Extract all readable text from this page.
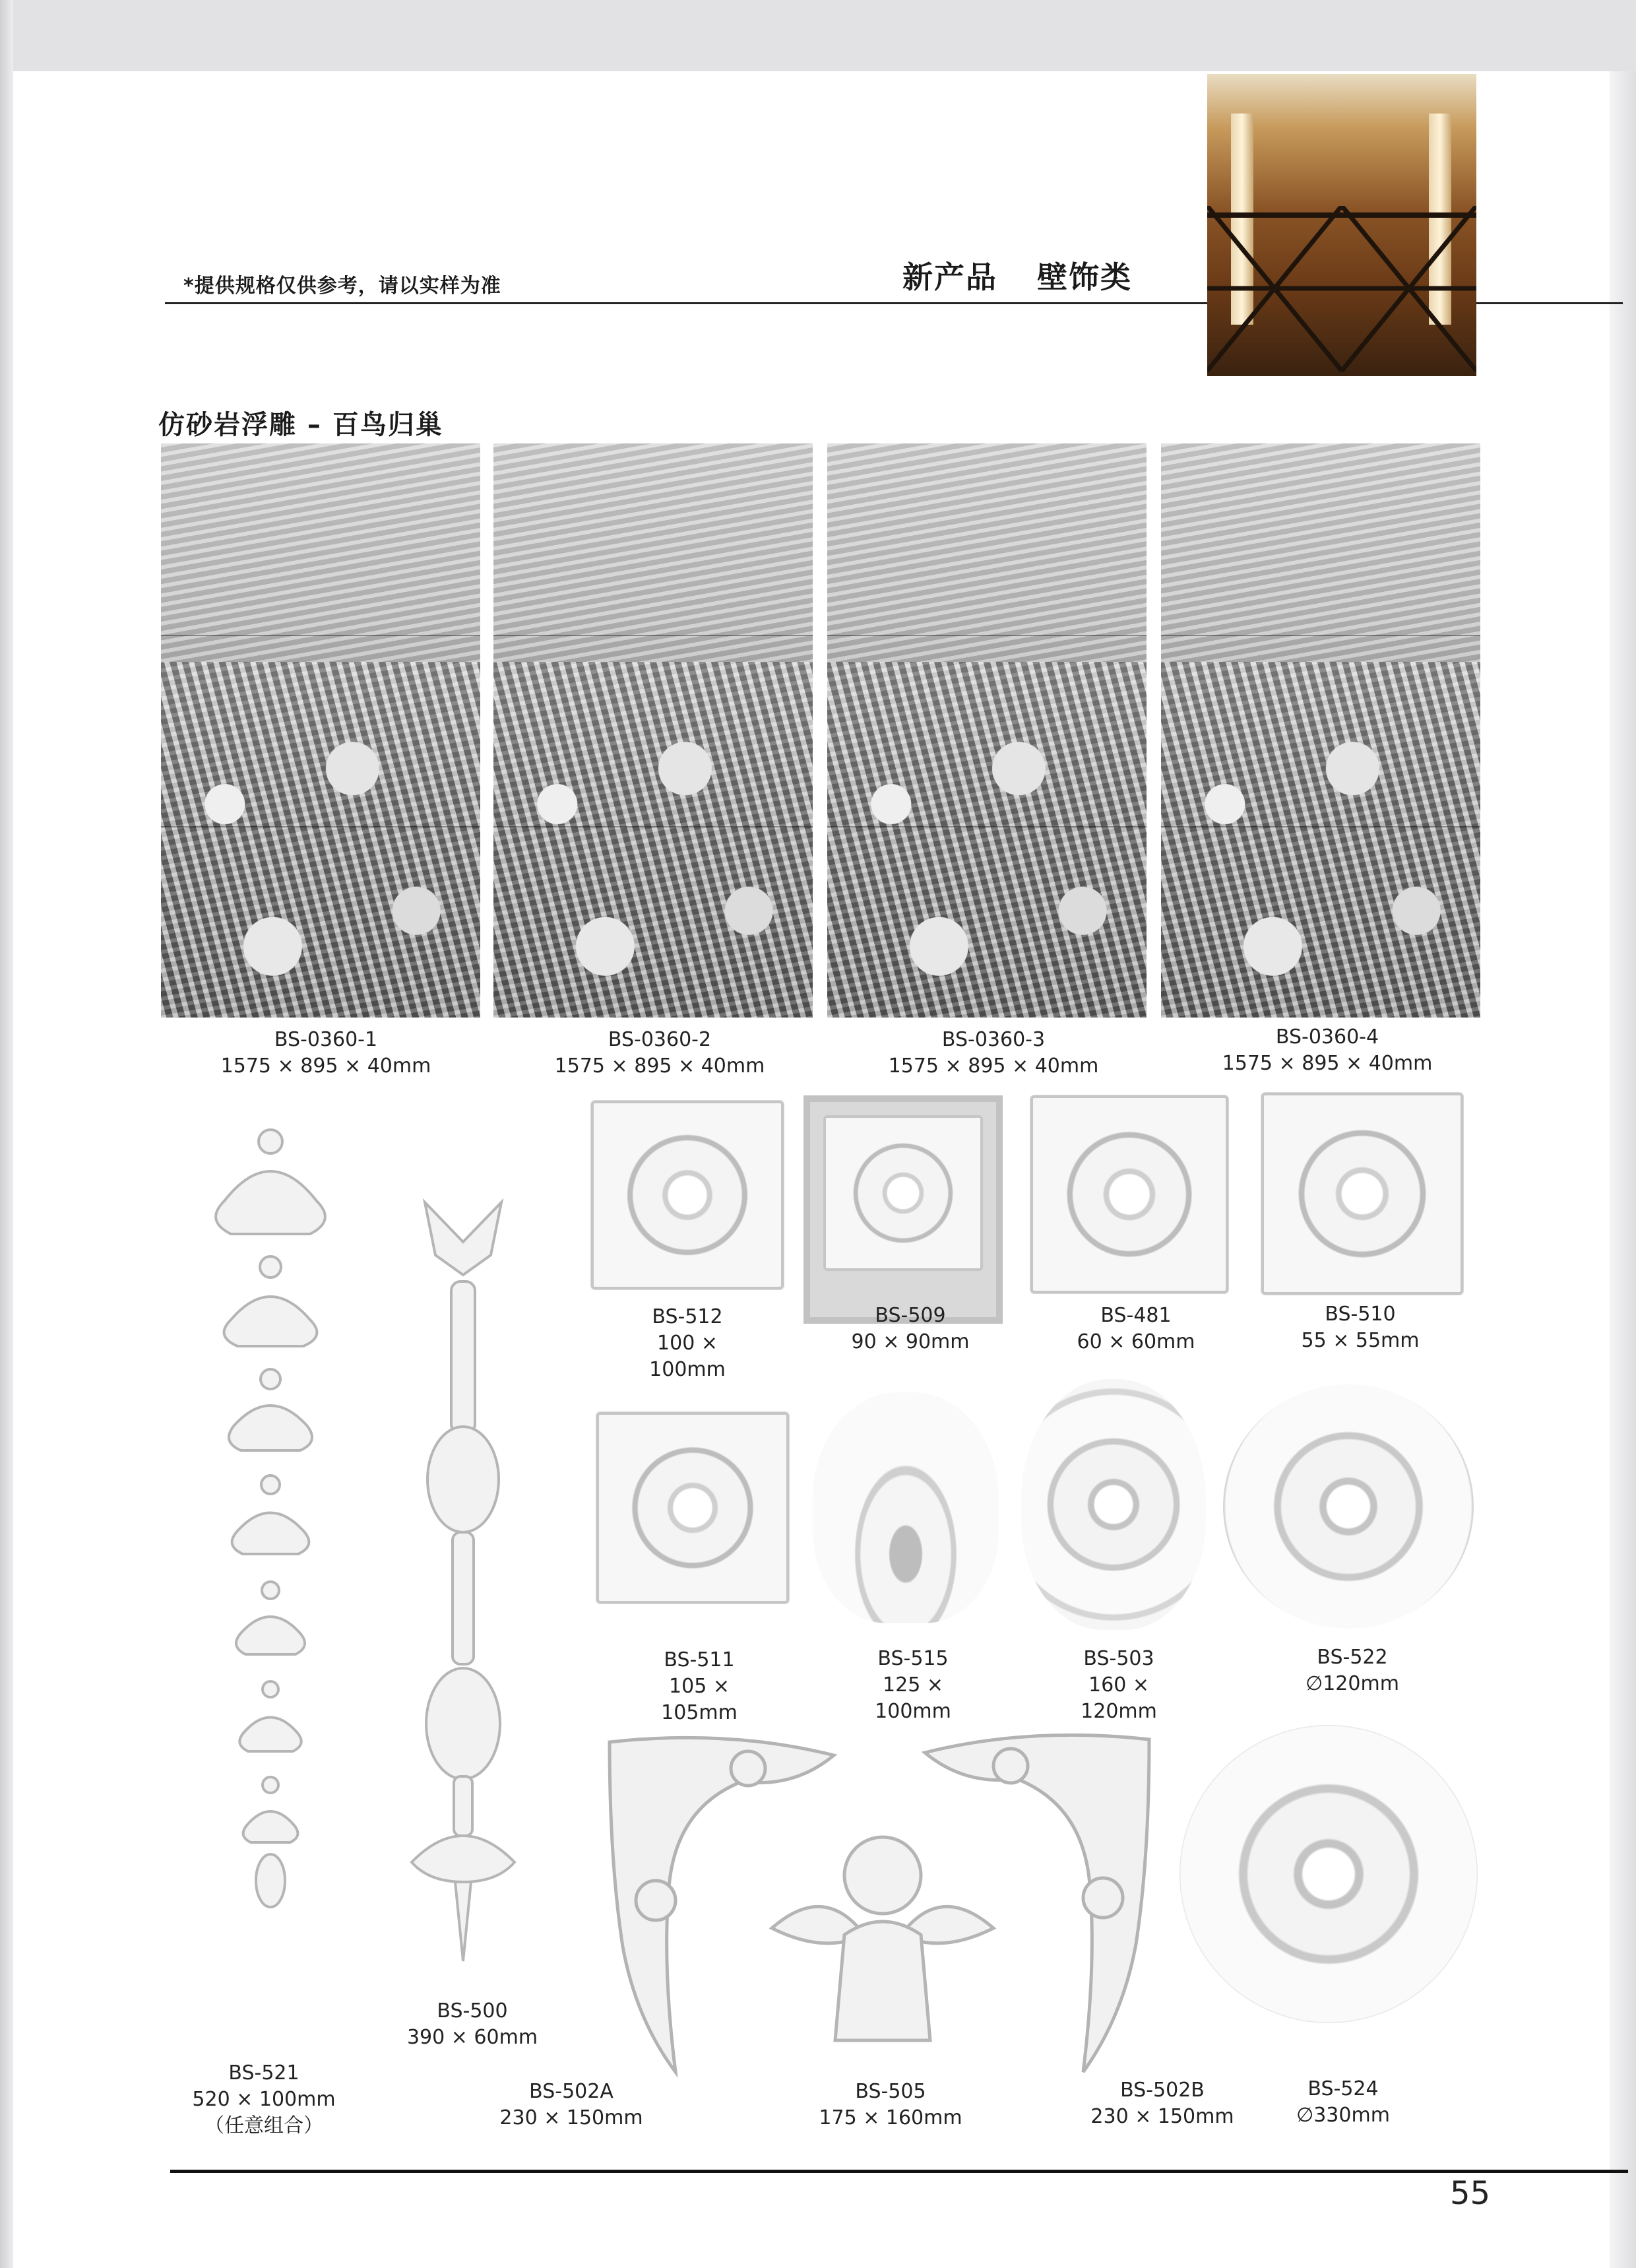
*提供规格仅供参考，请以实样为准	新产品 壁饰类
仿砂岩浮雕 – 百鸟归巢
BS-0360-1
1575 × 895 × 40mm
BS-0360-2
1575 × 895 × 40mm
BS-0360-3
1575 × 895 × 40mm
BS-0360-4
1575 × 895 × 40mm
BS-512
100 × 100mm
BS-509
90 × 90mm
BS-481
60 × 60mm
BS-510
55 × 55mm
BS-511
105 × 105mm
BS-515
125 × 100mm
BS-503
160 × 120mm
BS-522
∅120mm
BS-521
520 × 100mm
（任意组合）
BS-500
390 × 60mm
BS-502A
230 × 150mm
BS-505
175 × 160mm
BS-502B
230 × 150mm
BS-524
∅330mm
55
